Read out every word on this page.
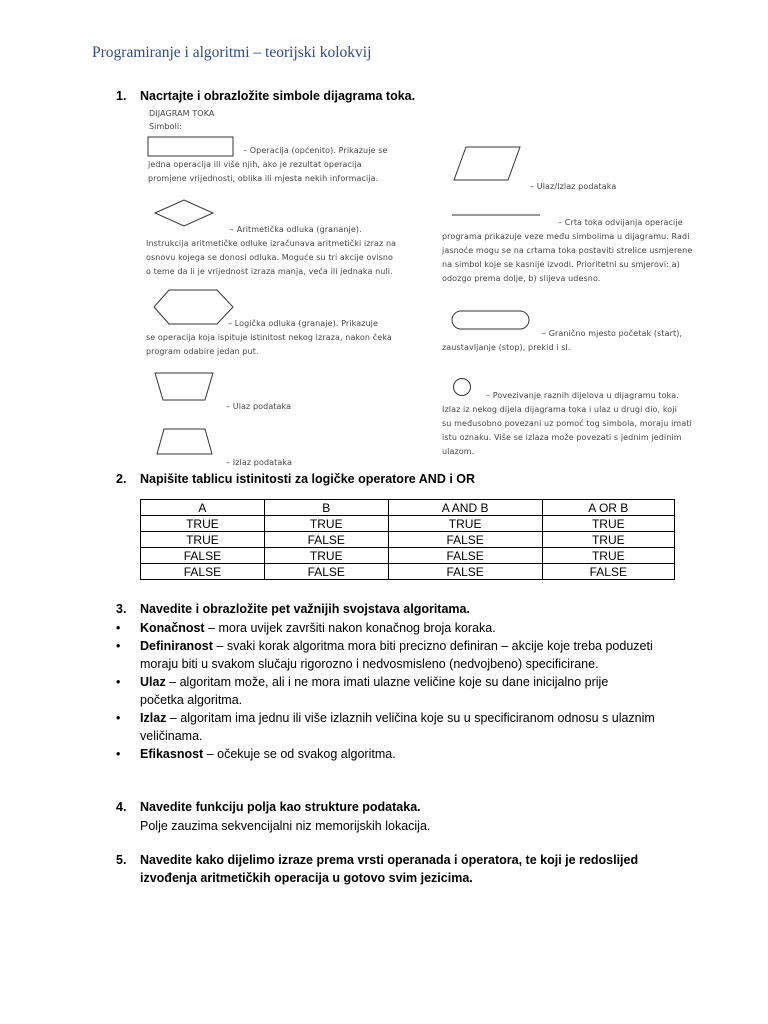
Programiranje i algoritmi – teorijski kolokvij
1. Nacrtajte i obrazložite simbole dijagrama toka.
DIJAGRAM TOKA
Simboli:
– Operacija (općenito). Prikazuje se
jedna operacija ili više njih, ako je rezultat operacija
promjene vrijednosti, oblika ili mjesta nekih informacija.
– Aritmetička odluka (grananje).
Instrukcija aritmetičke odluke izračunava aritmetički izraz na
osnovu kojega se donosi odluka. Moguće su tri akcije ovisno
o teme da li je vrijednost izraza manja, veća ili jednaka nuli.
– Logička odluka (granaje). Prikazuje
se operacija koja ispituje istinitost nekog izraza, nakon čeka
program odabire jedan put.
– Ulaz podataka
– Izlaz podataka
– Ulaz/Izlaz podataka
– Crta toka odvijanja operacije
programa prikazuje veze među simbolima u dijagramu. Radi
jasnoće mogu se na crtama toka postaviti strelice usmjerene
na simbol koje se kasnije izvodi. Prioritetni su smjerovi: a)
odozgo prema dolje, b) slijeva udesno.
– Granično mjesto početak (start),
zaustavljanje (stop), prekid i sl.
– Povezivanje raznih dijelova u dijagramu toka.
Izlaz iz nekog dijela dijagrama toka i ulaz u drugi dio, koji
su međusobno povezani uz pomoć tog simbola, moraju imati
istu oznaku. Više se izlaza može povezati s jednim jedinim
ulazom.
2. Napišite tablicu istinitosti za logičke operatore AND i OR
A	B	A AND B	A OR B
TRUE	TRUE	TRUE	TRUE
TRUE	FALSE	FALSE	TRUE
FALSE	TRUE	FALSE	TRUE
FALSE	FALSE	FALSE	FALSE
3. Navedite i obrazložite pet važnijih svojstava algoritama.
• Konačnost – mora uvijek završiti nakon konačnog broja koraka.
• Definiranost – svaki korak algoritma mora biti precizno definiran – akcije koje treba poduzeti
moraju biti u svakom slučaju rigorozno i nedvosmisleno (nedvojbeno) specificirane.
• Ulaz – algoritam može, ali i ne mora imati ulazne veličine koje su dane inicijalno prije
početka algoritma.
• Izlaz – algoritam ima jednu ili više izlaznih veličina koje su u specificiranom odnosu s ulaznim
veličinama.
• Efikasnost – očekuje se od svakog algoritma.
4. Navedite funkciju polja kao strukture podataka.
Polje zauzima sekvencijalni niz memorijskih lokacija.
5. Navedite kako dijelimo izraze prema vrsti operanada i operatora, te koji je redoslijed
izvođenja aritmetičkih operacija u gotovo svim jezicima.
